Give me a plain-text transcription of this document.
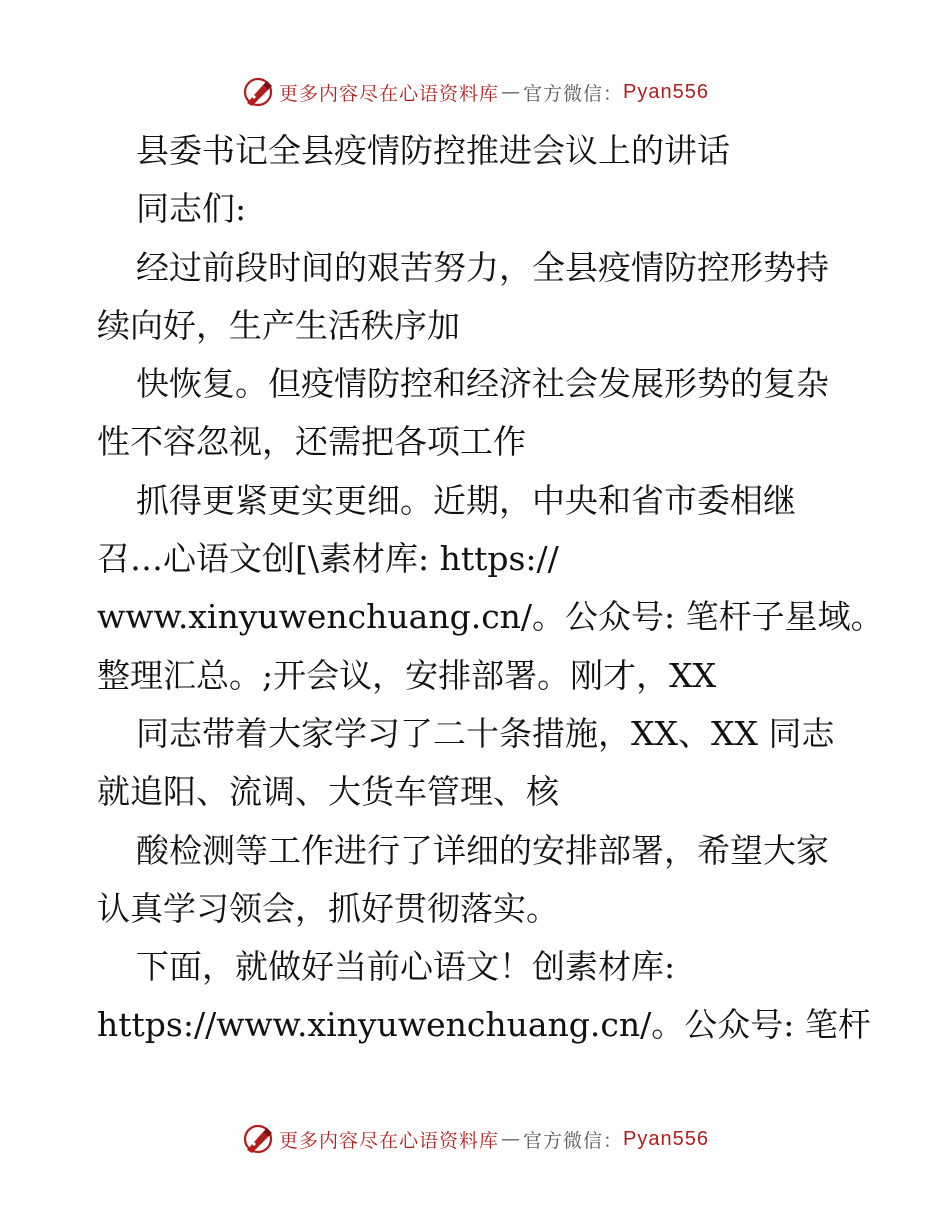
更多内容尽在心语资料库 — 官方微信： Pyan556

县委书记全县疫情防控推进会议上的讲话

同志们:

经过前段时间的艰苦努力，全县疫情防控形势持

续向好，生产生活秩序加

快恢复。但疫情防控和经济社会发展形势的复杂

性不容忽视，还需把各项工作

抓得更紧更实更细。近期，中央和省市委相继

召…心语文创[\素材库: https://

www.xinyuwenchuang.cn/。公众号: 笔杆子星域。

整理汇总。;开会议，安排部署。刚才，XX

同志带着大家学习了二十条措施，XX、XX 同志

就追阳、流调、大货车管理、核

酸检测等工作进行了详细的安排部署，希望大家

认真学习领会，抓好贯彻落实。

下面，就做好当前心语文！创素材库:

https://www.xinyuwenchuang.cn/。公众号: 笔杆

更多内容尽在心语资料库 — 官方微信： Pyan556
